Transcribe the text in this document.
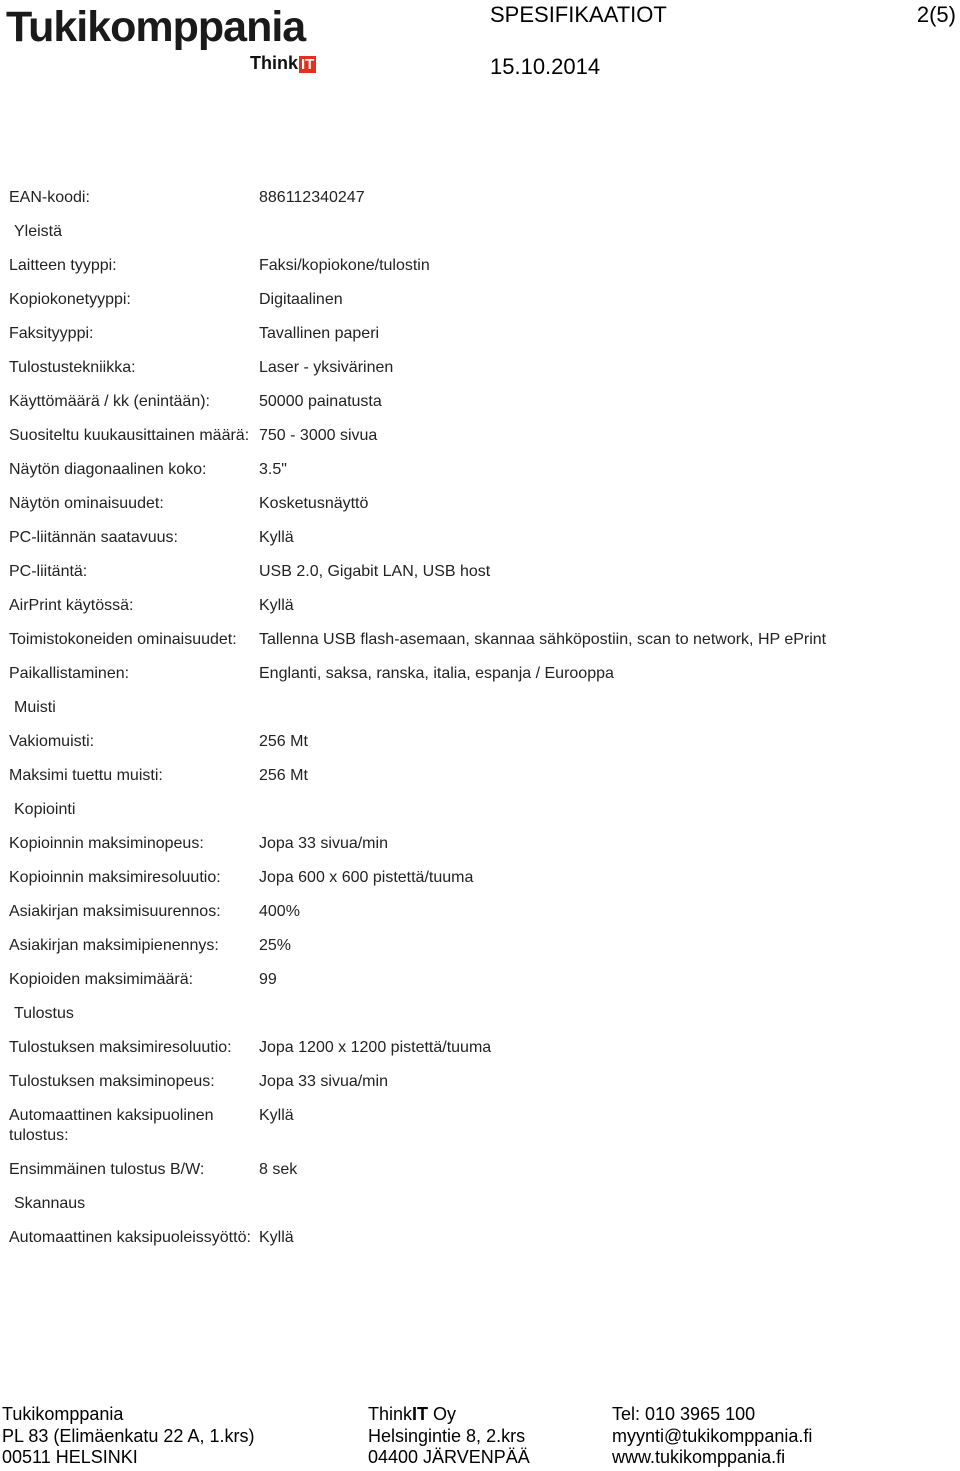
Tukikomppania
Think IT
SPESIFIKAATIOT	2(5)
15.10.2014
EAN-koodi:	886112340247
Yleistä
Laitteen tyyppi:	Faksi/kopiokone/tulostin
Kopiokonetyyppi:	Digitaalinen
Faksityyppi:	Tavallinen paperi
Tulostustekniikka:	Laser - yksivärinen
Käyttömäärä / kk (enintään):	50000 painatusta
Suositeltu kuukausittainen määrä: 750 - 3000 sivua
Näytön diagonaalinen koko:	3.5"
Näytön ominaisuudet:	Kosketusnäyttö
PC-liitännän saatavuus:	Kyllä
PC-liitäntä:	USB 2.0, Gigabit LAN, USB host
AirPrint käytössä:	Kyllä
Toimistokoneiden ominaisuudet:	Tallenna USB flash-asemaan, skannaa sähköpostiin, scan to network, HP ePrint
Paikallistaminen:	Englanti, saksa, ranska, italia, espanja / Eurooppa
Muisti
Vakiomuisti:	256 Mt
Maksimi tuettu muisti:	256 Mt
Kopiointi
Kopioinnin maksiminopeus:	Jopa 33 sivua/min
Kopioinnin maksimiresoluutio:	Jopa 600 x 600 pistettä/tuuma
Asiakirjan maksimisuurennos:	400%
Asiakirjan maksimipienennys:	25%
Kopioiden maksimimäärä:	99
Tulostus
Tulostuksen maksimiresoluutio:	Jopa 1200 x 1200 pistettä/tuuma
Tulostuksen maksiminopeus:	Jopa 33 sivua/min
Automaattinen kaksipuolinen tulostus:
Kyllä
Ensimmäinen tulostus B/W:	8 sek
Skannaus
Automaattinen kaksipuoleissyöttö: Kyllä
Tukikomppania
PL 83 (Elimäenkatu 22 A, 1.krs)
00511 HELSINKI
ThinkIT Oy
Helsingintie 8, 2.krs
04400 JÄRVENPÄÄ
Tel: 010 3965 100
myynti@tukikomppania.fi
www.tukikomppania.fi
